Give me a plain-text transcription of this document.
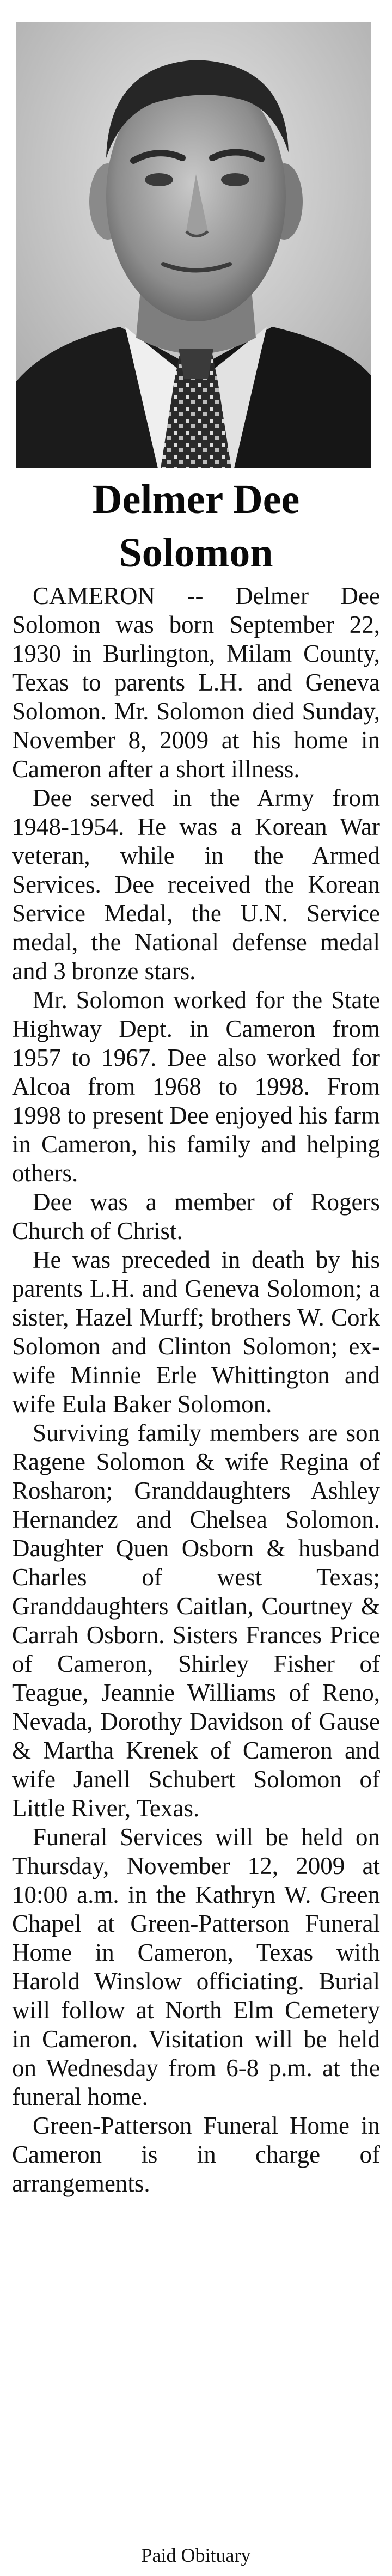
Delmer Dee
Solomon

CAMERON -- Delmer Dee Solomon was born September 22, 1930 in Burlington, Milam County, Texas to parents L.H. and Geneva Solomon. Mr. Solomon died Sunday, November 8, 2009 at his home in Cameron after a short illness.

Dee served in the Army from 1948-1954. He was a Korean War veteran, while in the Armed Services. Dee received the Korean Service Medal, the U.N. Service medal, the National defense medal and 3 bronze stars.

Mr. Solomon worked for the State Highway Dept. in Cameron from 1957 to 1967. Dee also worked for Alcoa from 1968 to 1998. From 1998 to present Dee enjoyed his farm in Cameron, his family and helping others.

Dee was a member of Rogers Church of Christ.

He was preceded in death by his parents L.H. and Geneva Solomon; a sister, Hazel Murff; brothers W. Cork Solomon and Clinton Solomon; ex-wife Minnie Erle Whittington and wife Eula Baker Solomon.

Surviving family members are son Ragene Solomon & wife Regina of Rosharon; Granddaughters Ashley Hernandez and Chelsea Solomon. Daughter Quen Osborn & husband Charles of west Texas; Granddaughters Caitlan, Courtney & Carrah Osborn. Sisters Frances Price of Cameron, Shirley Fisher of Teague, Jeannie Williams of Reno, Nevada, Dorothy Davidson of Gause & Martha Krenek of Cameron and wife Janell Schubert Solomon of Little River, Texas.

Funeral Services will be held on Thursday, November 12, 2009 at 10:00 a.m. in the Kathryn W. Green Chapel at Green-Patterson Funeral Home in Cameron, Texas with Harold Winslow officiating. Burial will follow at North Elm Cemetery in Cameron. Visitation will be held on Wednesday from 6-8 p.m. at the funeral home.

Green-Patterson Funeral Home in Cameron is in charge of arrangements.

Paid Obituary
